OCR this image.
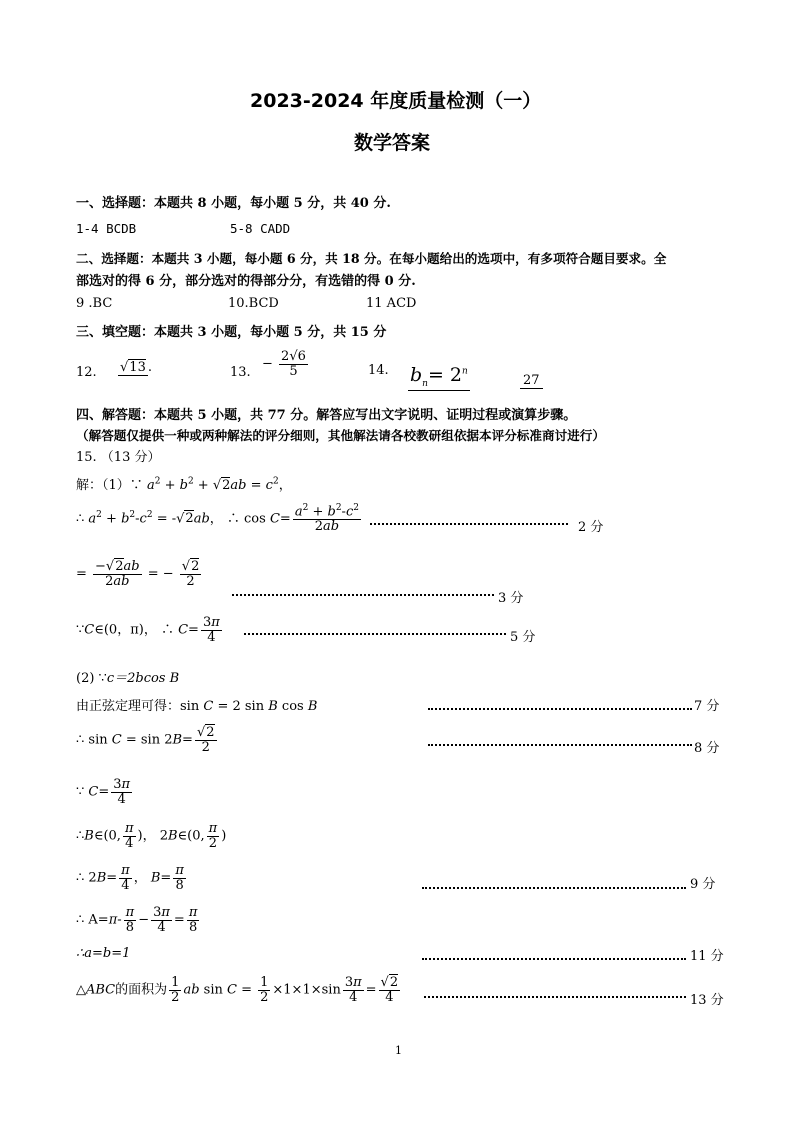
2023-2024 年度质量检测（一）
数学答案
一、选择题：本题共 8 小题，每小题 5 分，共 40 分.
1-4 BCDB	5-8 CADD
二、选择题：本题共 3 小题，每小题 6 分，共 18 分。在每小题给出的选项中，有多项符合题目要求。全
部选对的得 6 分，部分选对的得部分分，有选错的得 0 分.
9 .BC	10.BCD	11 ACD
三、填空题：本题共 3 小题，每小题 5 分，共 15 分
12. √13 .	13.
− $\frac{2√6}{5}$	14. $b_n= 2^n$
27
四、解答题：本题共 5 小题，共 77 分。解答应写出文字说明、证明过程或演算步骤。
（解答题仅提供一种或两种解法的评分细则，其他解法请各校教研组依据本评分标准商讨进行）
15. （13 分）
解：（1）∵ $a^2 + b^2 + √2ab = c^2$，
∴ $a^2 + b^2-c^2 = -√2ab$， ∴ $\cos C= \frac{a^2 + b^2-c^2}{2ab}$	2 分
= $\frac{-√2ab}{2ab}$ = − $\frac{√2}{2}$
3 分
∵C∈(0，π)， ∴ $C= \frac{3\pi}{4}$	5 分
(2) ∵c＝2bcos B
由正弦定理可得：sin C = 2 sin B cos B	7 分
∴ $\sin C = \sin 2B= \frac{√2}{2}$	8 分
∵ $C= \frac{3\pi}{4}$
∴B∈(0, $\frac{\pi}{4}$ )， 2B∈(0, $\frac{\pi}{2}$ )
∴ $2B= \frac{\pi}{4}$ ， $B= \frac{\pi}{8}$	9 分
∴ $A=\pi- \frac{\pi}{8} - \frac{3\pi}{4} = \frac{\pi}{8}$
∴a=b=1	11 分
△ABC的面积为 $\frac{1}{2}$ ab $\sin C = \frac{1}{2} \times 1\times 1\times\sin \frac{3\pi}{4} = \frac{√2}{4}$	13 分
1
